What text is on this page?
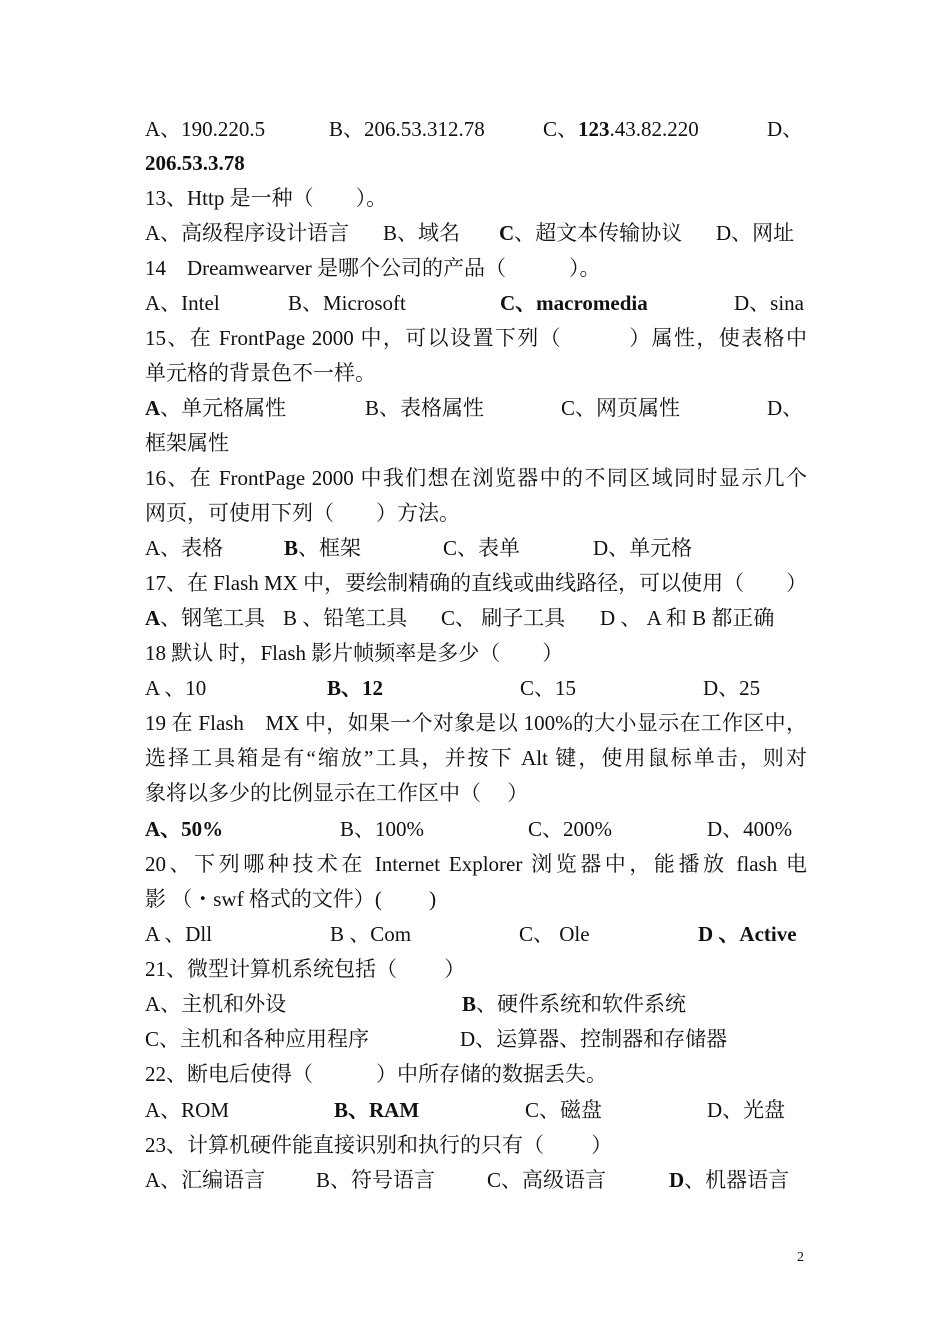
A、190.220.5	B、206.53.312.78	C、123.43.82.220	D、
206.53.3.78
13、Http 是一种（　　）。
A、高级程序设计语言 B、域名 C、超文本传输协议 D、网址
14　Dreamwearver 是哪个公司的产品（　　　）。
A、Intel	B、Microsoft	C、macromedia	D、sina
15、在 FrontPage 2000 中，可以设置下列（　　　）属性，使表格中
单元格的背景色不一样。
A、单元格属性	B、表格属性	C、网页属性	D、
框架属性
16、在 FrontPage 2000 中我们想在浏览器中的不同区域同时显示几个
网页，可使用下列（　　）方法。
A、表格	B、框架	C、表单	D、单元格
17、在 Flash MX 中，要绘制精确的直线或曲线路径，可以使用（　　）
A、钢笔工具 B 、铅笔工具 C、 刷子工具 D 、 A 和 B 都正确
18 默认 时，Flash 影片帧频率是多少（　　）
A 、10	B、12	C、15	D、25
19 在 Flash　MX 中，如果一个对象是以 100%的大小显示在工作区中，
选择工具箱是有“缩放”工具，并按下 Alt 键，使用鼠标单击，则对
象将以多少的比例显示在工作区中（　 ）
A、50%	B、100%	C、200%	D、400%
20、下列哪种技术在 Internet Explorer 浏览器中，能播放 flash 电
影 （・swf 格式的文件）(　　 )
A 、Dll	B 、Com	C、 Ole	D 、Active
21、微型计算机系统包括（　　 ）
A、主机和外设	B、硬件系统和软件系统
C、主机和各种应用程序	D、运算器、控制器和存储器
22、断电后使得（　　　）中所存储的数据丢失。
A、ROM	B、RAM	C、磁盘	D、光盘
23、计算机硬件能直接识别和执行的只有（　　 ）
A、汇编语言 B、符号语言 C、高级语言	D、机器语言
2
